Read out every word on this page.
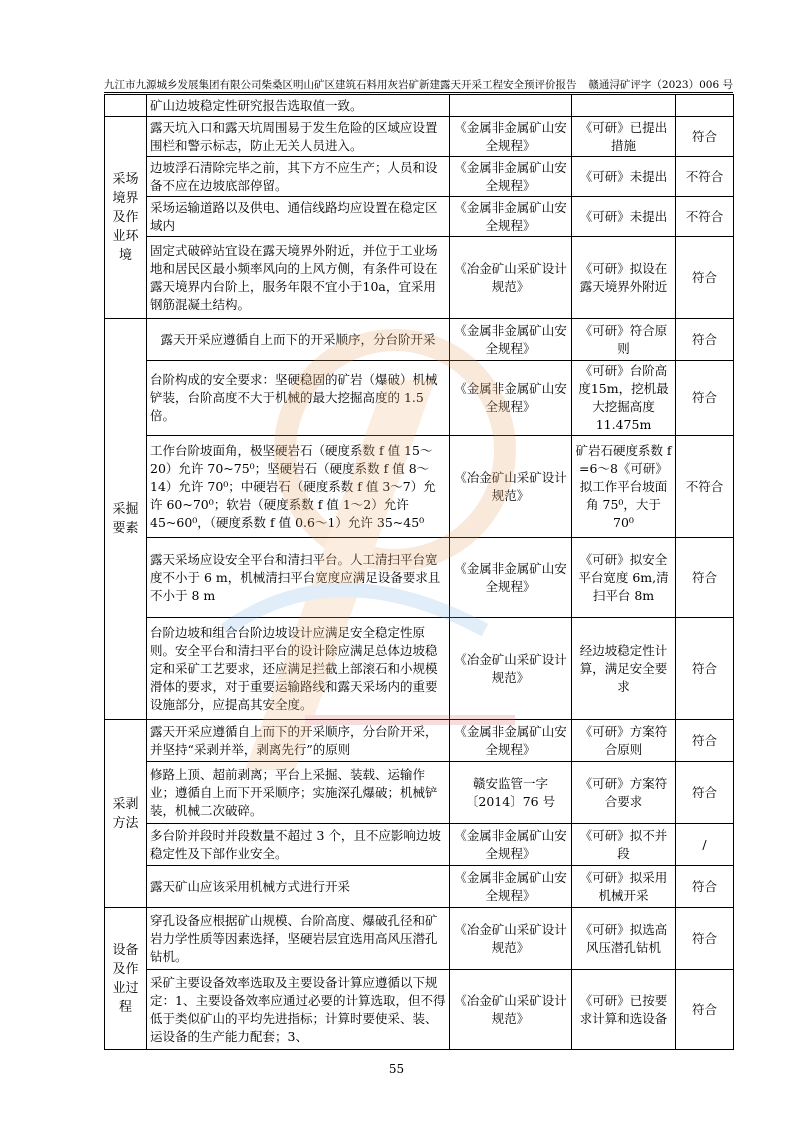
九江市九源城乡发展集团有限公司柴桑区明山矿区建筑石料用灰岩矿新建露天开采工程安全预评价报告 赣通浔矿评字（2023）006 号
	矿山边坡稳定性研究报告选取值一致。			
采场境界及作业环境	露天坑入口和露天坑周围易于发生危险的区域应设置围栏和警示标志，防止无关人员进入。	《金属非金属矿山安全规程》	《可研》已提出措施	符合
	边坡浮石清除完毕之前，其下方不应生产；人员和设备不应在边坡底部停留。	《金属非金属矿山安全规程》	《可研》未提出	不符合
	采场运输道路以及供电、通信线路均应设置在稳定区域内	《金属非金属矿山安全规程》	《可研》未提出	不符合
	固定式破碎站宜设在露天境界外附近，并位于工业场地和居民区最小频率风向的上风方侧，有条件可设在露天境界内台阶上，服务年限不宜小于10a，宜采用钢筋混凝土结构。	《冶金矿山采矿设计规范》	《可研》拟设在露天境界外附近	符合
采掘要素	露天开采应遵循自上而下的开采顺序，分台阶开采	《金属非金属矿山安全规程》	《可研》符合原则	符合
	台阶构成的安全要求：坚硬稳固的矿岩（爆破）机械铲装，台阶高度不大于机械的最大挖掘高度的 1.5 倍。	《金属非金属矿山安全规程》	《可研》台阶高度15m，挖机最大挖掘高度 11.475m	符合
	工作台阶坡面角，极坚硬岩石（硬度系数 f 值 15～20）允许 70~75⁰；坚硬岩石（硬度系数 f 值 8～14）允许 70⁰；中硬岩石（硬度系数 f 值 3～7）允许 60~70⁰；软岩（硬度系数 f 值 1～2）允许 45~60⁰，（硬度系数 f 值 0.6～1）允许 35~45⁰	《冶金矿山采矿设计规范》	矿岩石硬度系数 f =6～8《可研》拟工作平台坡面角 75⁰，大于 70⁰	不符合
	露天采场应设安全平台和清扫平台。人工清扫平台宽度不小于 6 m，机械清扫平台宽度应满足设备要求且不小于 8 m	《金属非金属矿山安全规程》	《可研》拟安全平台宽度 6m,清扫平台 8m	符合
	台阶边坡和组合台阶边坡设计应满足安全稳定性原则。安全平台和清扫平台的设计除应满足总体边坡稳定和采矿工艺要求，还应满足拦截上部滚石和小规模滑体的要求，对于重要运输路线和露天采场内的重要设施部分，应提高其安全度。	《冶金矿山采矿设计规范》	经边坡稳定性计算，满足安全要求	符合
采剥方法	露天开采应遵循自上而下的开采顺序，分台阶开采，并坚持“采剥并举，剥离先行”的原则	《金属非金属矿山安全规程》	《可研》方案符合原则	符合
	修路上顶、超前剥离；平台上采掘、装载、运输作业；遵循自上而下开采顺序；实施深孔爆破；机械铲装，机械二次破碎。	赣安监管一字〔2014〕76 号	《可研》方案符合要求	符合
	多台阶并段时并段数量不超过 3 个，且不应影响边坡稳定性及下部作业安全。	《金属非金属矿山安全规程》	《可研》拟不并段	/
	露天矿山应该采用机械方式进行开采	《金属非金属矿山安全规程》	《可研》拟采用机械开采	符合
设备及作业过程	穿孔设备应根据矿山规模、台阶高度、爆破孔径和矿岩力学性质等因素选择，坚硬岩层宜选用高风压潜孔钻机。	《冶金矿山采矿设计规范》	《可研》拟选高风压潜孔钻机	符合
	采矿主要设备效率选取及主要设备计算应遵循以下规定：1、主要设备效率应通过必要的计算选取，但不得低于类似矿山的平均先进指标；计算时要使采、装、运设备的生产能力配套；3、	《冶金矿山采矿设计规范》	《可研》已按要求计算和选设备	符合
55
